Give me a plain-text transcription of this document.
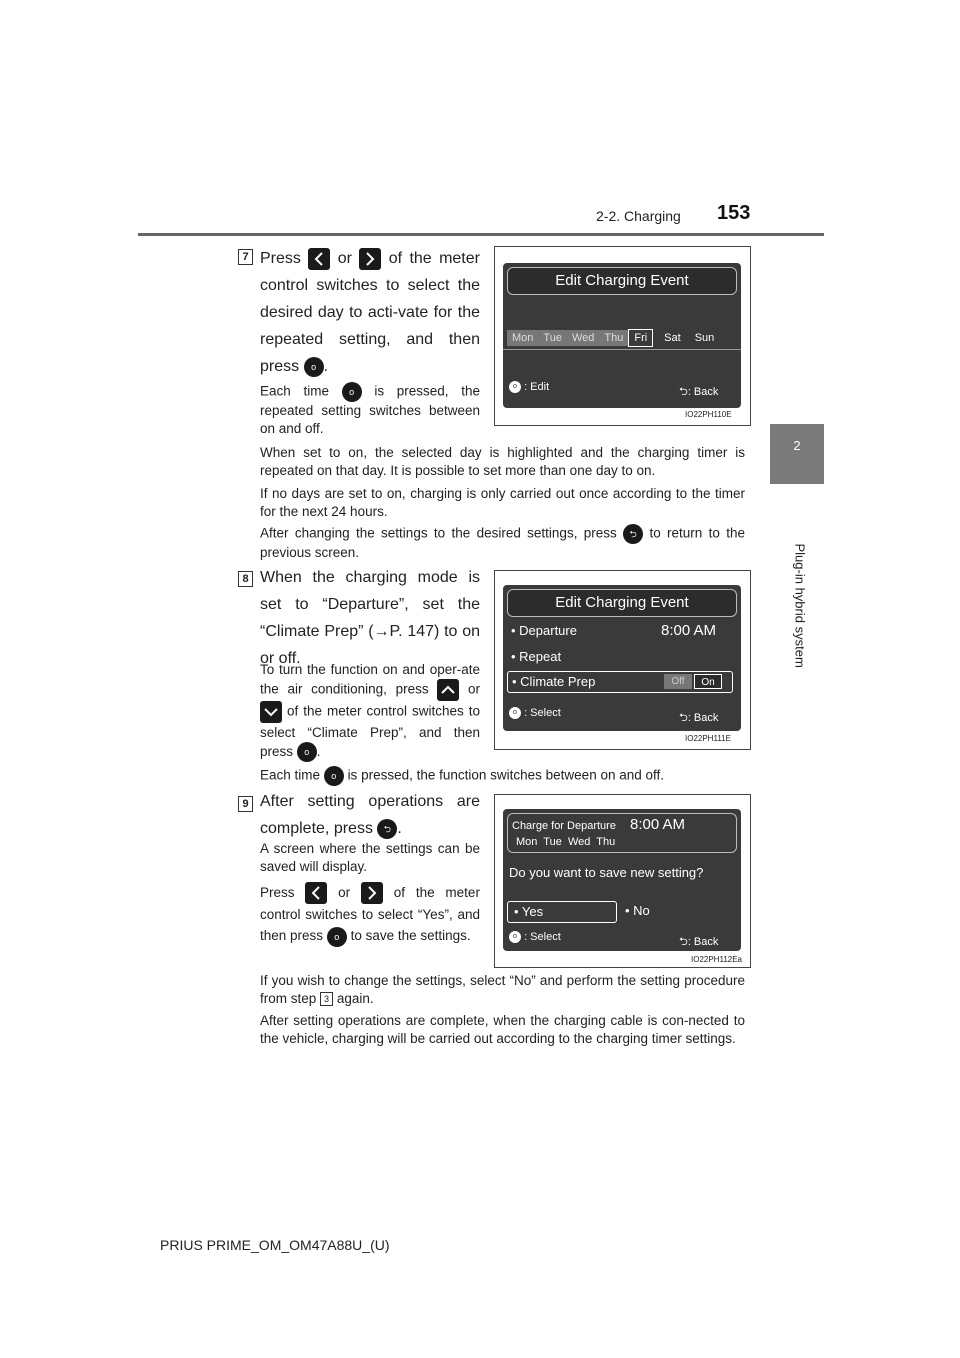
2-2. Charging 153
2
Plug-in hybrid system
7 Press or of the meter control switches to select the desired day to acti-vate for the repeated setting, and then press o .
Each time o is pressed, the repeated setting switches between on and off.
Edit Charging Event
Mon Tue Wed Thu Fri Sat Sun
o : Edit	⮌: Back
IO22PH110E
When set to on, the selected day is highlighted and the charging timer is repeated on that day. It is possible to set more than one day to on.
If no days are set to on, charging is only carried out once according to the timer for the next 24 hours.
After changing the settings to the desired settings, press ⮌ to return to the previous screen.
8 When the charging mode is set to “Departure”, set the “Climate Prep” (→P. 147) to on or off.
To turn the function on and oper-ate the air conditioning, press	or
of the meter control switches to select “Climate Prep”, and then press o .
Edit Charging Event
• Departure	8:00 AM
• Repeat
• Climate Prep	Off	On
o : Select	⮌: Back
IO22PH111E
Each time o is pressed, the function switches between on and off.
9 After setting operations are complete, press ⮌ .
A screen where the settings can be saved will display.
Press	or	of the meter control switches to select “Yes”, and then press o to save the settings.
Charge for Departure 8:00 AM
Mon  Tue  Wed  Thu
Do you want to save new setting?
• Yes	• No
o : Select	⮌: Back
IO22PH112Ea
If you wish to change the settings, select “No” and perform the setting procedure from step 3 again.
After setting operations are complete, when the charging cable is con-nected to the vehicle, charging will be carried out according to the charging timer settings.
PRIUS PRIME_OM_OM47A88U_(U)
